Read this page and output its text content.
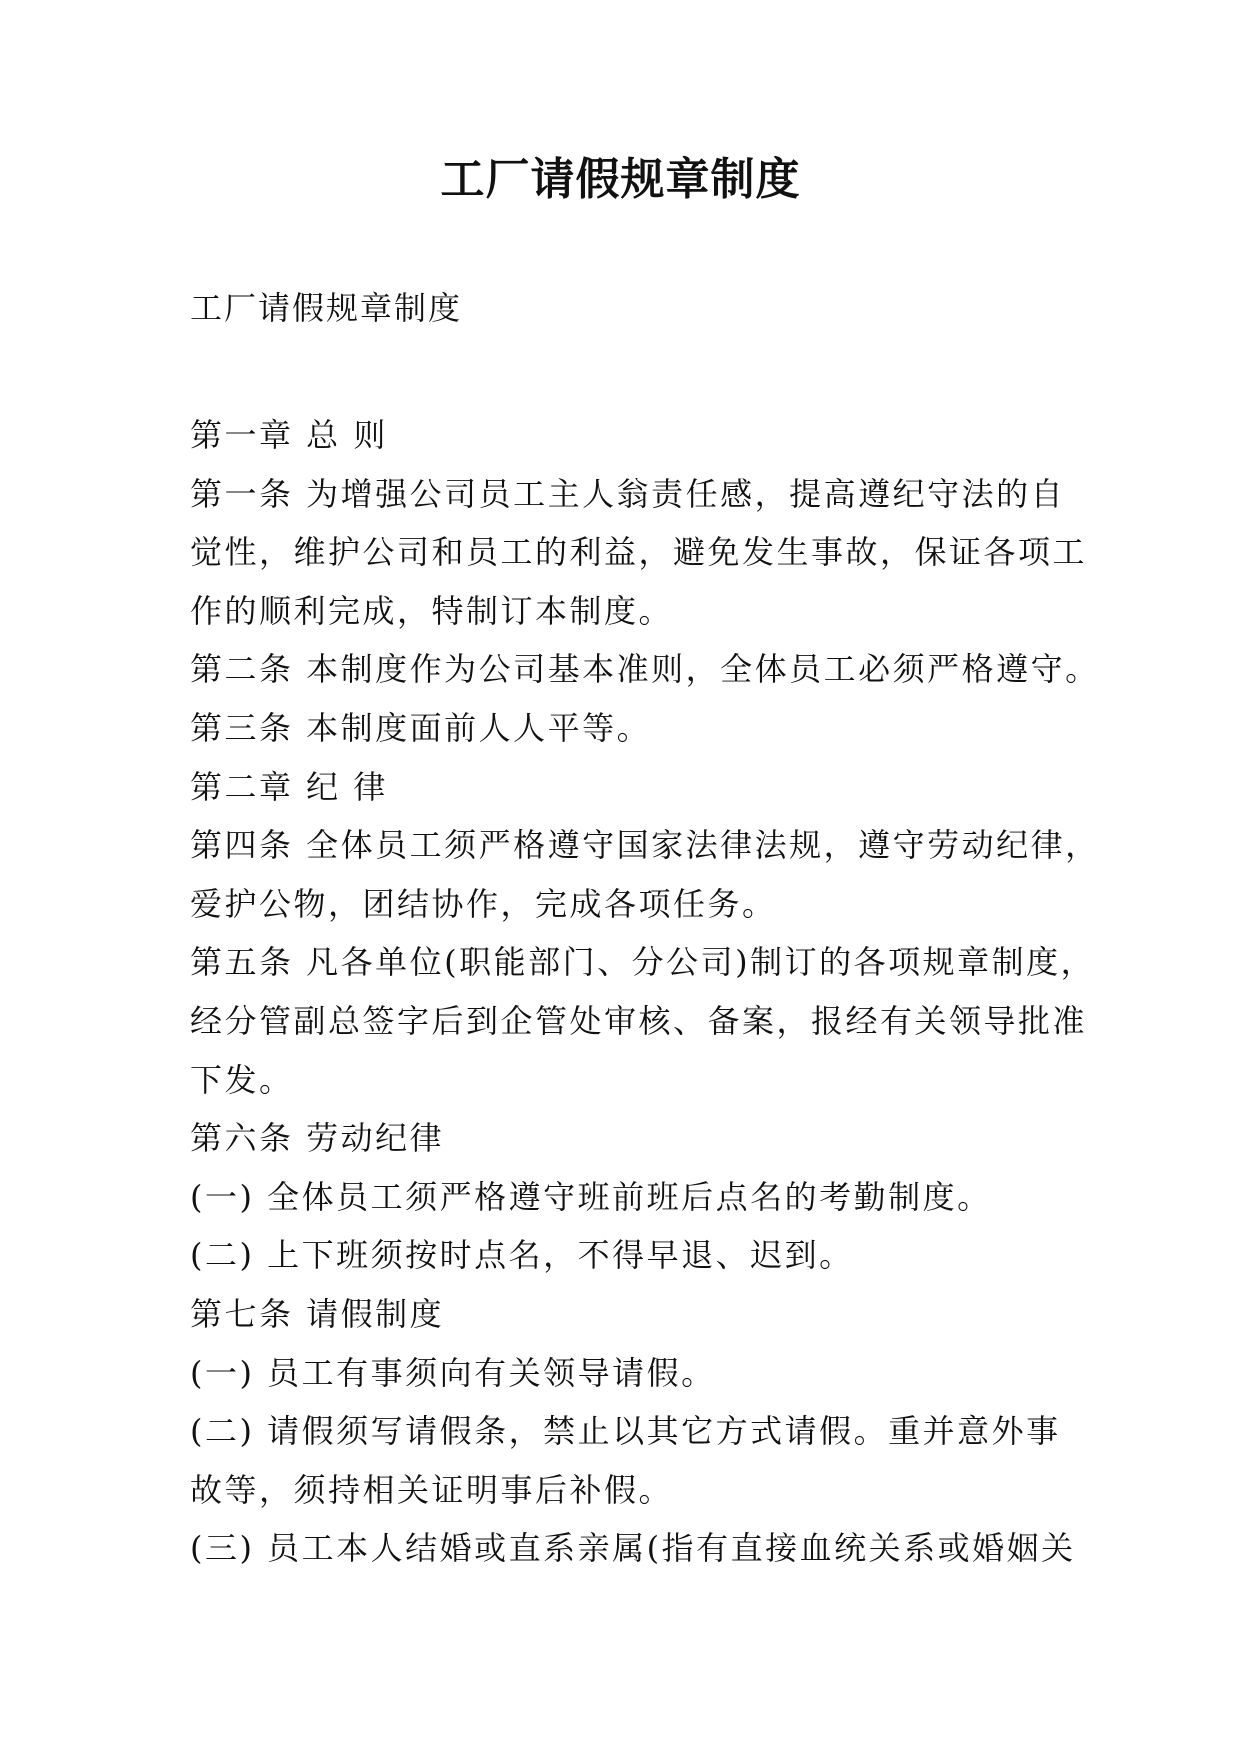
工厂请假规章制度
工厂请假规章制度
第一章 总 则
第一条 为增强公司员工主人翁责任感，提高遵纪守法的自
觉性，维护公司和员工的利益，避免发生事故，保证各项工
作的顺利完成，特制订本制度。
第二条 本制度作为公司基本准则，全体员工必须严格遵守。
第三条 本制度面前人人平等。
第二章 纪 律
第四条 全体员工须严格遵守国家法律法规，遵守劳动纪律，
爱护公物，团结协作，完成各项任务。
第五条 凡各单位(职能部门、分公司)制订的各项规章制度，
经分管副总签字后到企管处审核、备案，报经有关领导批准
下发。
第六条 劳动纪律
(一) 全体员工须严格遵守班前班后点名的考勤制度。
(二) 上下班须按时点名，不得早退、迟到。
第七条 请假制度
(一) 员工有事须向有关领导请假。
(二) 请假须写请假条，禁止以其它方式请假。重并意外事
故等，须持相关证明事后补假。
(三) 员工本人结婚或直系亲属(指有直接血统关系或婚姻关
